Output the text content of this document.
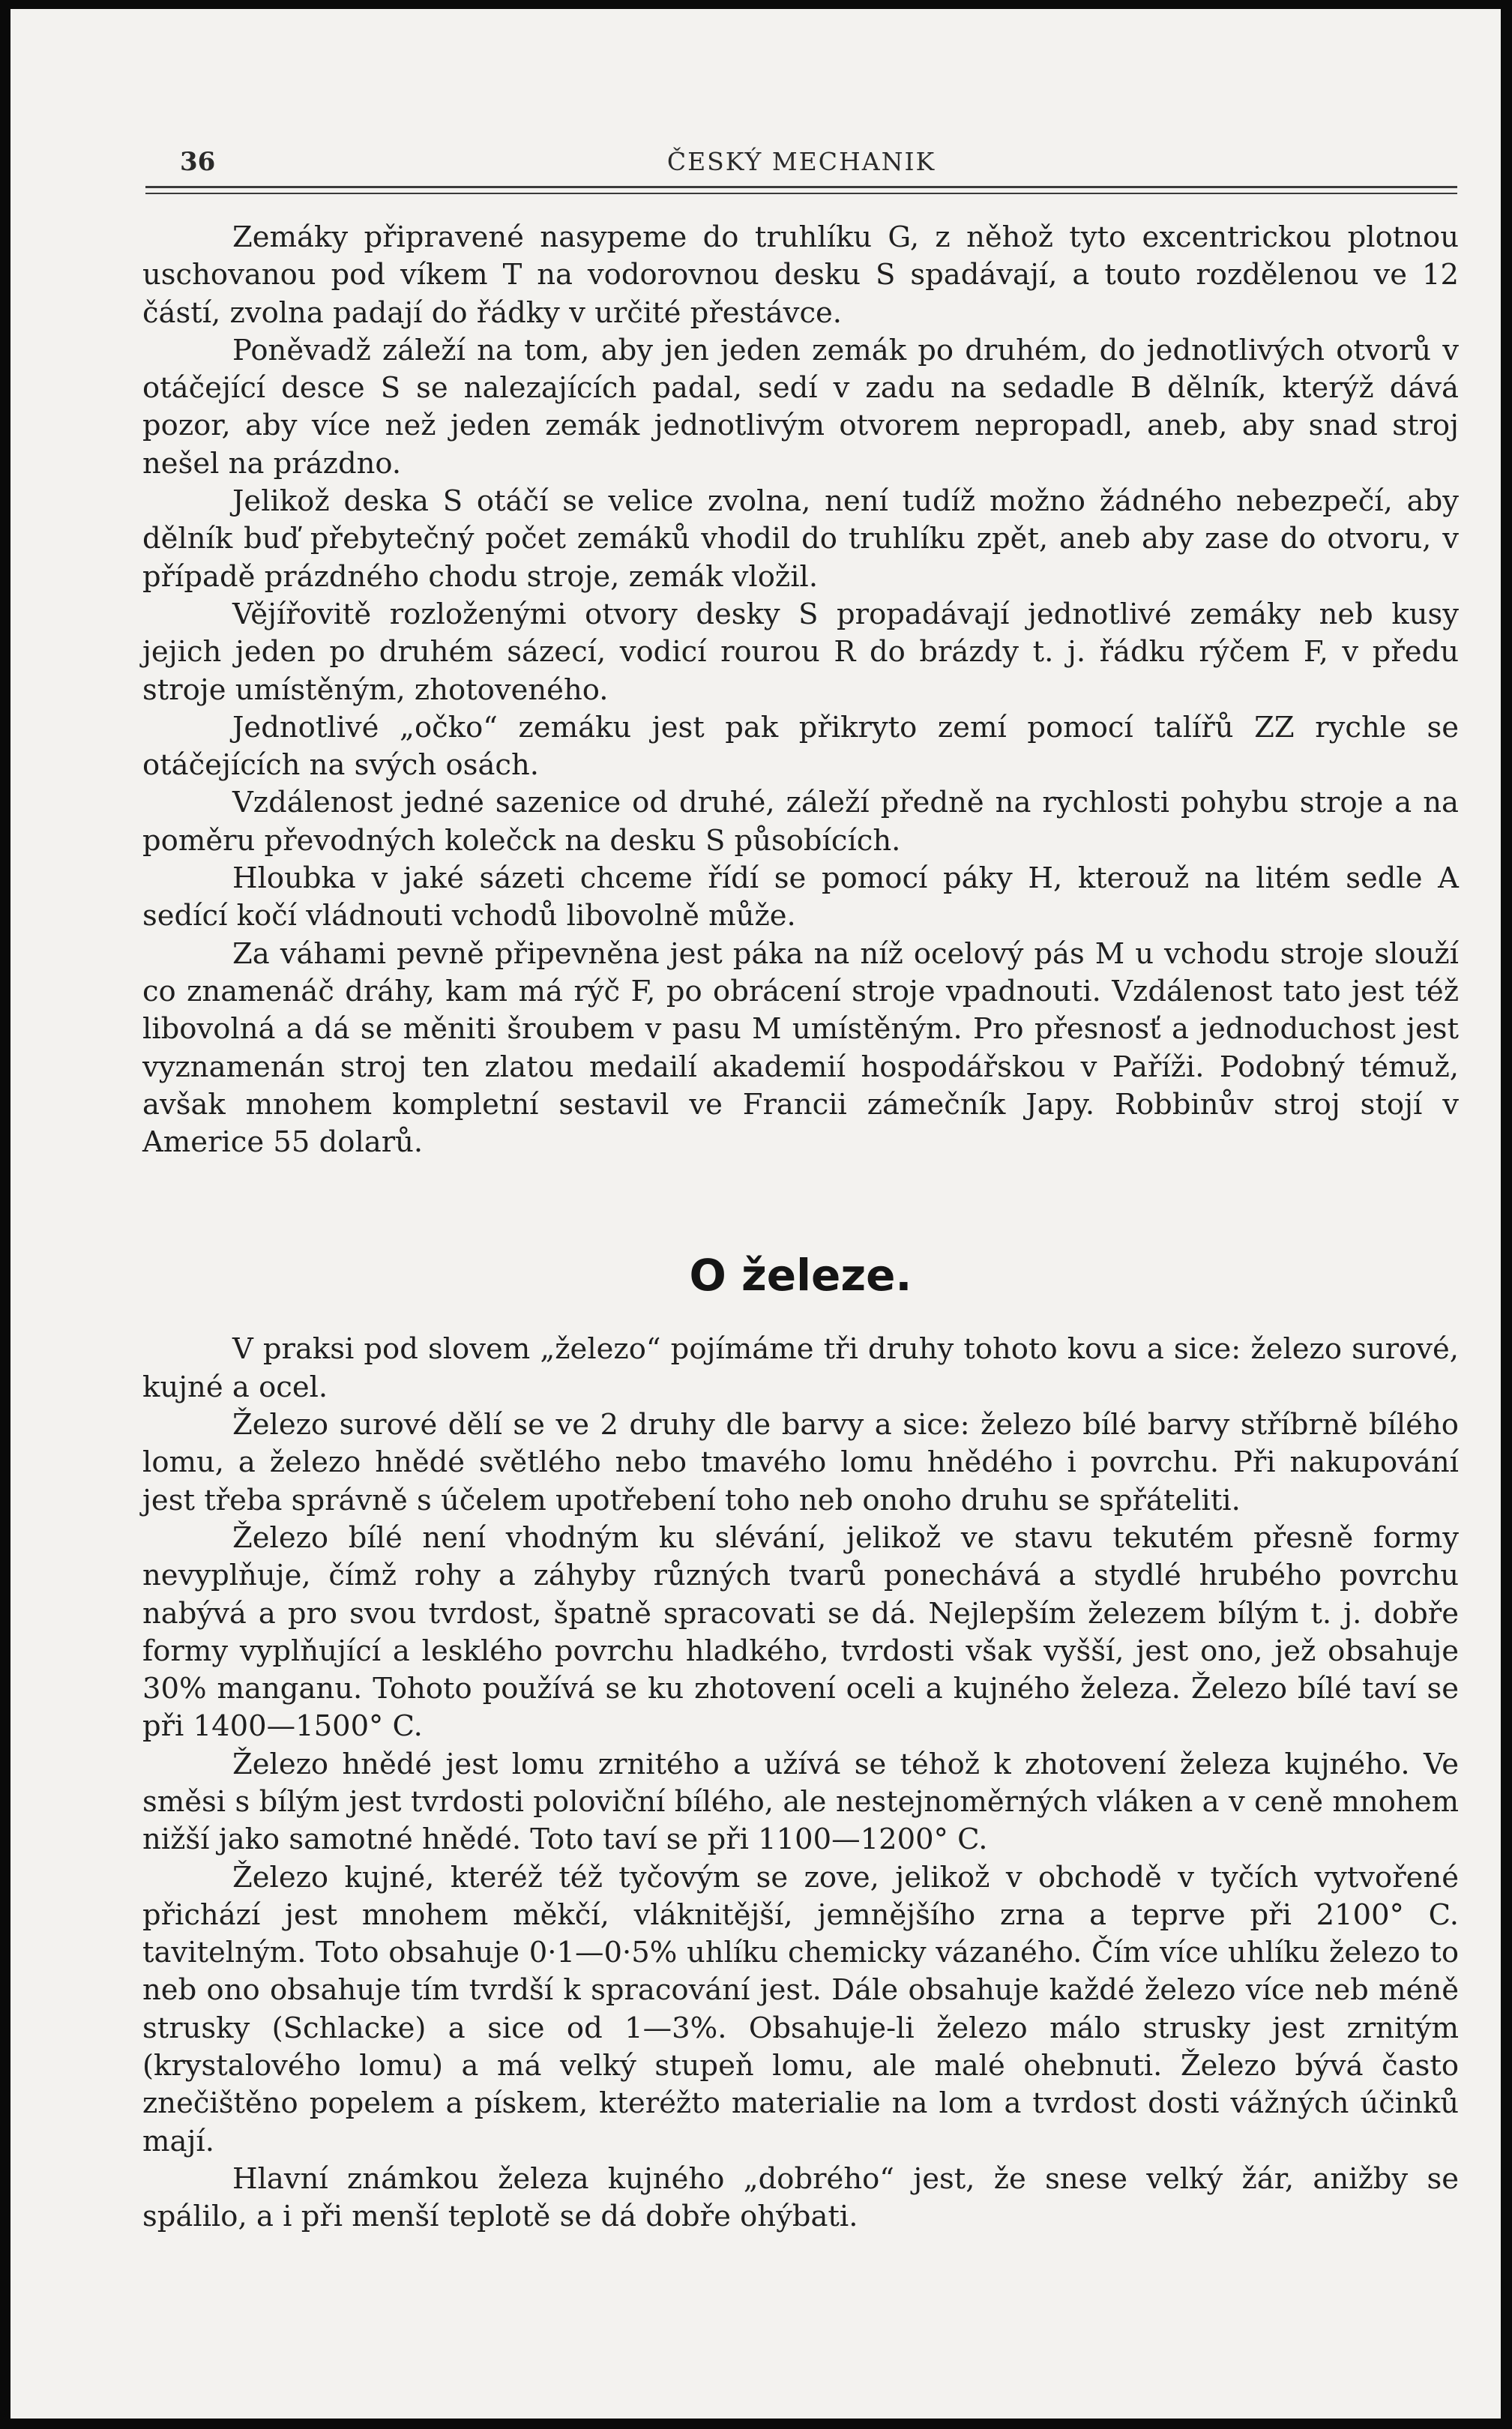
36	ČESKÝ MECHANIK

Zemáky připravené nasypeme do truhlíku G, z něhož tyto excentrickou plotnou uschovanou pod víkem T na vodorovnou desku S spadávají, a touto rozdělenou ve 12 částí, zvolna padají do řádky v určité přestávce.

Poněvadž záleží na tom, aby jen jeden zemák po druhém, do jednotlivých otvorů v otáčející desce S se nalezajících padal, sedí v zadu na sedadle B dělník, kterýž dává pozor, aby více než jeden zemák jednotlivým otvorem nepropadl, aneb, aby snad stroj nešel na prázdno.

Jelikož deska S otáčí se velice zvolna, není tudíž možno žádného nebezpečí, aby dělník buď přebytečný počet zemáků vhodil do truhlíku zpět, aneb aby zase do otvoru, v případě prázdného chodu stroje, zemák vložil.

Vějířovitě rozloženými otvory desky S propadávají jednotlivé zemáky neb kusy jejich jeden po druhém sázecí, vodicí rourou R do brázdy t. j. řádku rýčem F, v předu stroje umístěným, zhotoveného.

Jednotlivé „očko“ zemáku jest pak přikryto zemí pomocí talířů ZZ rychle se otáčejících na svých osách.

Vzdálenost jedné sazenice od druhé, záleží předně na rychlosti pohybu stroje a na poměru převodných kolečck na desku S působících.

Hloubka v jaké sázeti chceme řídí se pomocí páky H, kterouž na litém sedle A sedící kočí vládnouti vchodů libovolně může.

Za váhami pevně připevněna jest páka na níž ocelový pás M u vchodu stroje slouží co znamenáč dráhy, kam má rýč F, po obrácení stroje vpadnouti. Vzdálenost tato jest též libovolná a dá se měniti šroubem v pasu M umístěným. Pro přesnosť a jednoduchost jest vyznamenán stroj ten zlatou medailí akademií hospodářskou v Paříži. Podobný témuž, avšak mnohem kompletní sestavil ve Francii zámečník Japy. Robbinův stroj stojí v Americe 55 dolarů.

O železe.

V praksi pod slovem „železo“ pojímáme tři druhy tohoto kovu a sice: železo surové, kujné a ocel.

Železo surové dělí se ve 2 druhy dle barvy a sice: železo bílé barvy stříbrně bílého lomu, a železo hnědé světlého nebo tmavého lomu hnědého i povrchu. Při nakupování jest třeba správně s účelem upotřebení toho neb onoho druhu se spřáteliti.

Železo bílé není vhodným ku slévání, jelikož ve stavu tekutém přesně formy nevyplňuje, čímž rohy a záhyby různých tvarů ponechává a stydlé hrubého povrchu nabývá a pro svou tvrdost, špatně spracovati se dá. Nejlepším železem bílým t. j. dobře formy vyplňující a lesklého povrchu hladkého, tvrdosti však vyšší, jest ono, jež obsahuje 30% manganu. Tohoto používá se ku zhotovení oceli a kujného železa. Železo bílé taví se při 1400—1500° C.

Železo hnědé jest lomu zrnitého a užívá se téhož k zhotovení železa kujného. Ve směsi s bílým jest tvrdosti poloviční bílého, ale nestejnoměrných vláken a v ceně mnohem nižší jako samotné hnědé. Toto taví se při 1100—1200° C.

Železo kujné, kteréž též tyčovým se zove, jelikož v obchodě v tyčích vytvořené přichází jest mnohem měkčí, vláknitější, jemnějšího zrna a teprve při 2100° C. tavitelným. Toto obsahuje 0·1—0·5% uhlíku chemicky vázaného. Čím více uhlíku železo to neb ono obsahuje tím tvrdší k spracování jest. Dále obsahuje každé železo více neb méně strusky (Schlacke) a sice od 1—3%. Obsahuje-li železo málo strusky jest zrnitým (krystalového lomu) a má velký stupeň lomu, ale malé ohebnuti. Železo bývá často znečištěno popelem a pískem, kteréžto materialie na lom a tvrdost dosti vážných účinků mají.

Hlavní známkou železa kujného „dobrého“ jest, že snese velký žár, anižby se spálilo, a i při menší teplotě se dá dobře ohýbati.
